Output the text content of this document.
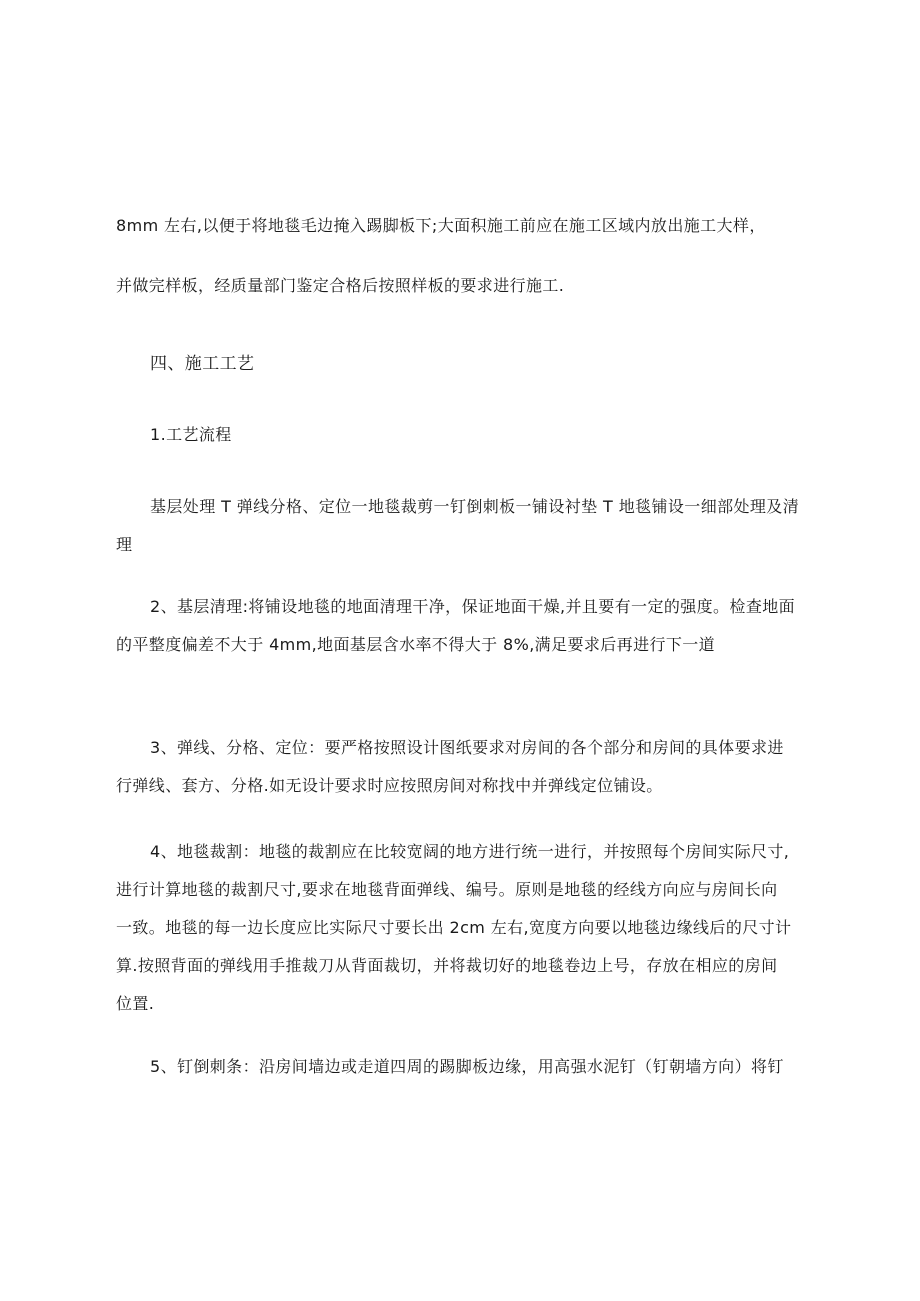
8mm 左右,以便于将地毯毛边掩入踢脚板下;大面积施工前应在施工区域内放出施工大样，
并做完样板，经质量部门鉴定合格后按照样板的要求进行施工.
四、施工工艺
1.工艺流程
基层处理 T 弹线分格、定位一地毯裁剪一钉倒刺板一铺设衬垫 T 地毯铺设一细部处理及清
理
2、基层清理:将铺设地毯的地面清理干净，保证地面干燥,并且要有一定的强度。检查地面
的平整度偏差不大于 4mm,地面基层含水率不得大于 8%,满足要求后再进行下一道
3、弹线、分格、定位：要严格按照设计图纸要求对房间的各个部分和房间的具体要求进
行弹线、套方、分格.如无设计要求时应按照房间对称找中并弹线定位铺设。
4、地毯裁割：地毯的裁割应在比较宽阔的地方进行统一进行，并按照每个房间实际尺寸,
进行计算地毯的裁割尺寸,要求在地毯背面弹线、编号。原则是地毯的经线方向应与房间长向
一致。地毯的每一边长度应比实际尺寸要长出 2cm 左右,宽度方向要以地毯边缘线后的尺寸计
算.按照背面的弹线用手推裁刀从背面裁切，并将裁切好的地毯卷边上号，存放在相应的房间
位置.
5、钉倒刺条：沿房间墙边或走道四周的踢脚板边缘，用高强水泥钉（钉朝墙方向）将钉
